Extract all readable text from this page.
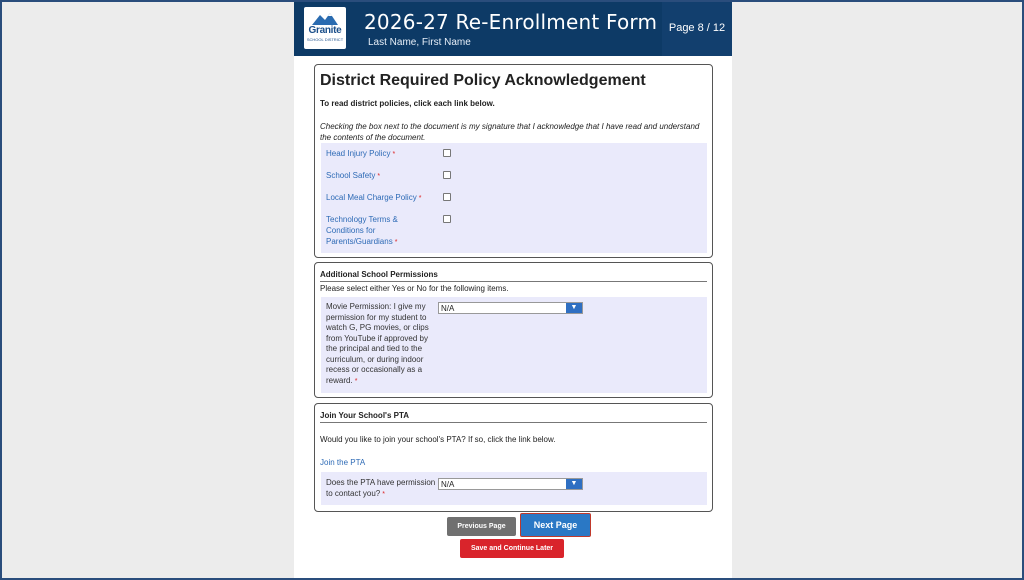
Granite
SCHOOL DISTRICT
2026-27 Re-Enrollment Form
Last Name, First Name
Page 8 / 12
District Required Policy Acknowledgement
To read district policies, click each link below.
Checking the box next to the document is my signature that I acknowledge that I have read and understand the contents of the document.
Head Injury Policy *
School Safety *
Local Meal Charge Policy *
Technology Terms & Conditions for Parents/Guardians *
Additional School Permissions
Please select either Yes or No for the following items.
Movie Permission: I give my permission for my student to watch G, PG movies, or clips from YouTube if approved by the principal and tied to the curriculum, or during indoor recess or occasionally as a reward. *
N/A	▼
Join Your School's PTA
Would you like to join your school's PTA? If so, click the link below.
Join the PTA
Does the PTA have permission to contact you? *
N/A	▼
Previous Page	Next Page
Save and Continue Later
